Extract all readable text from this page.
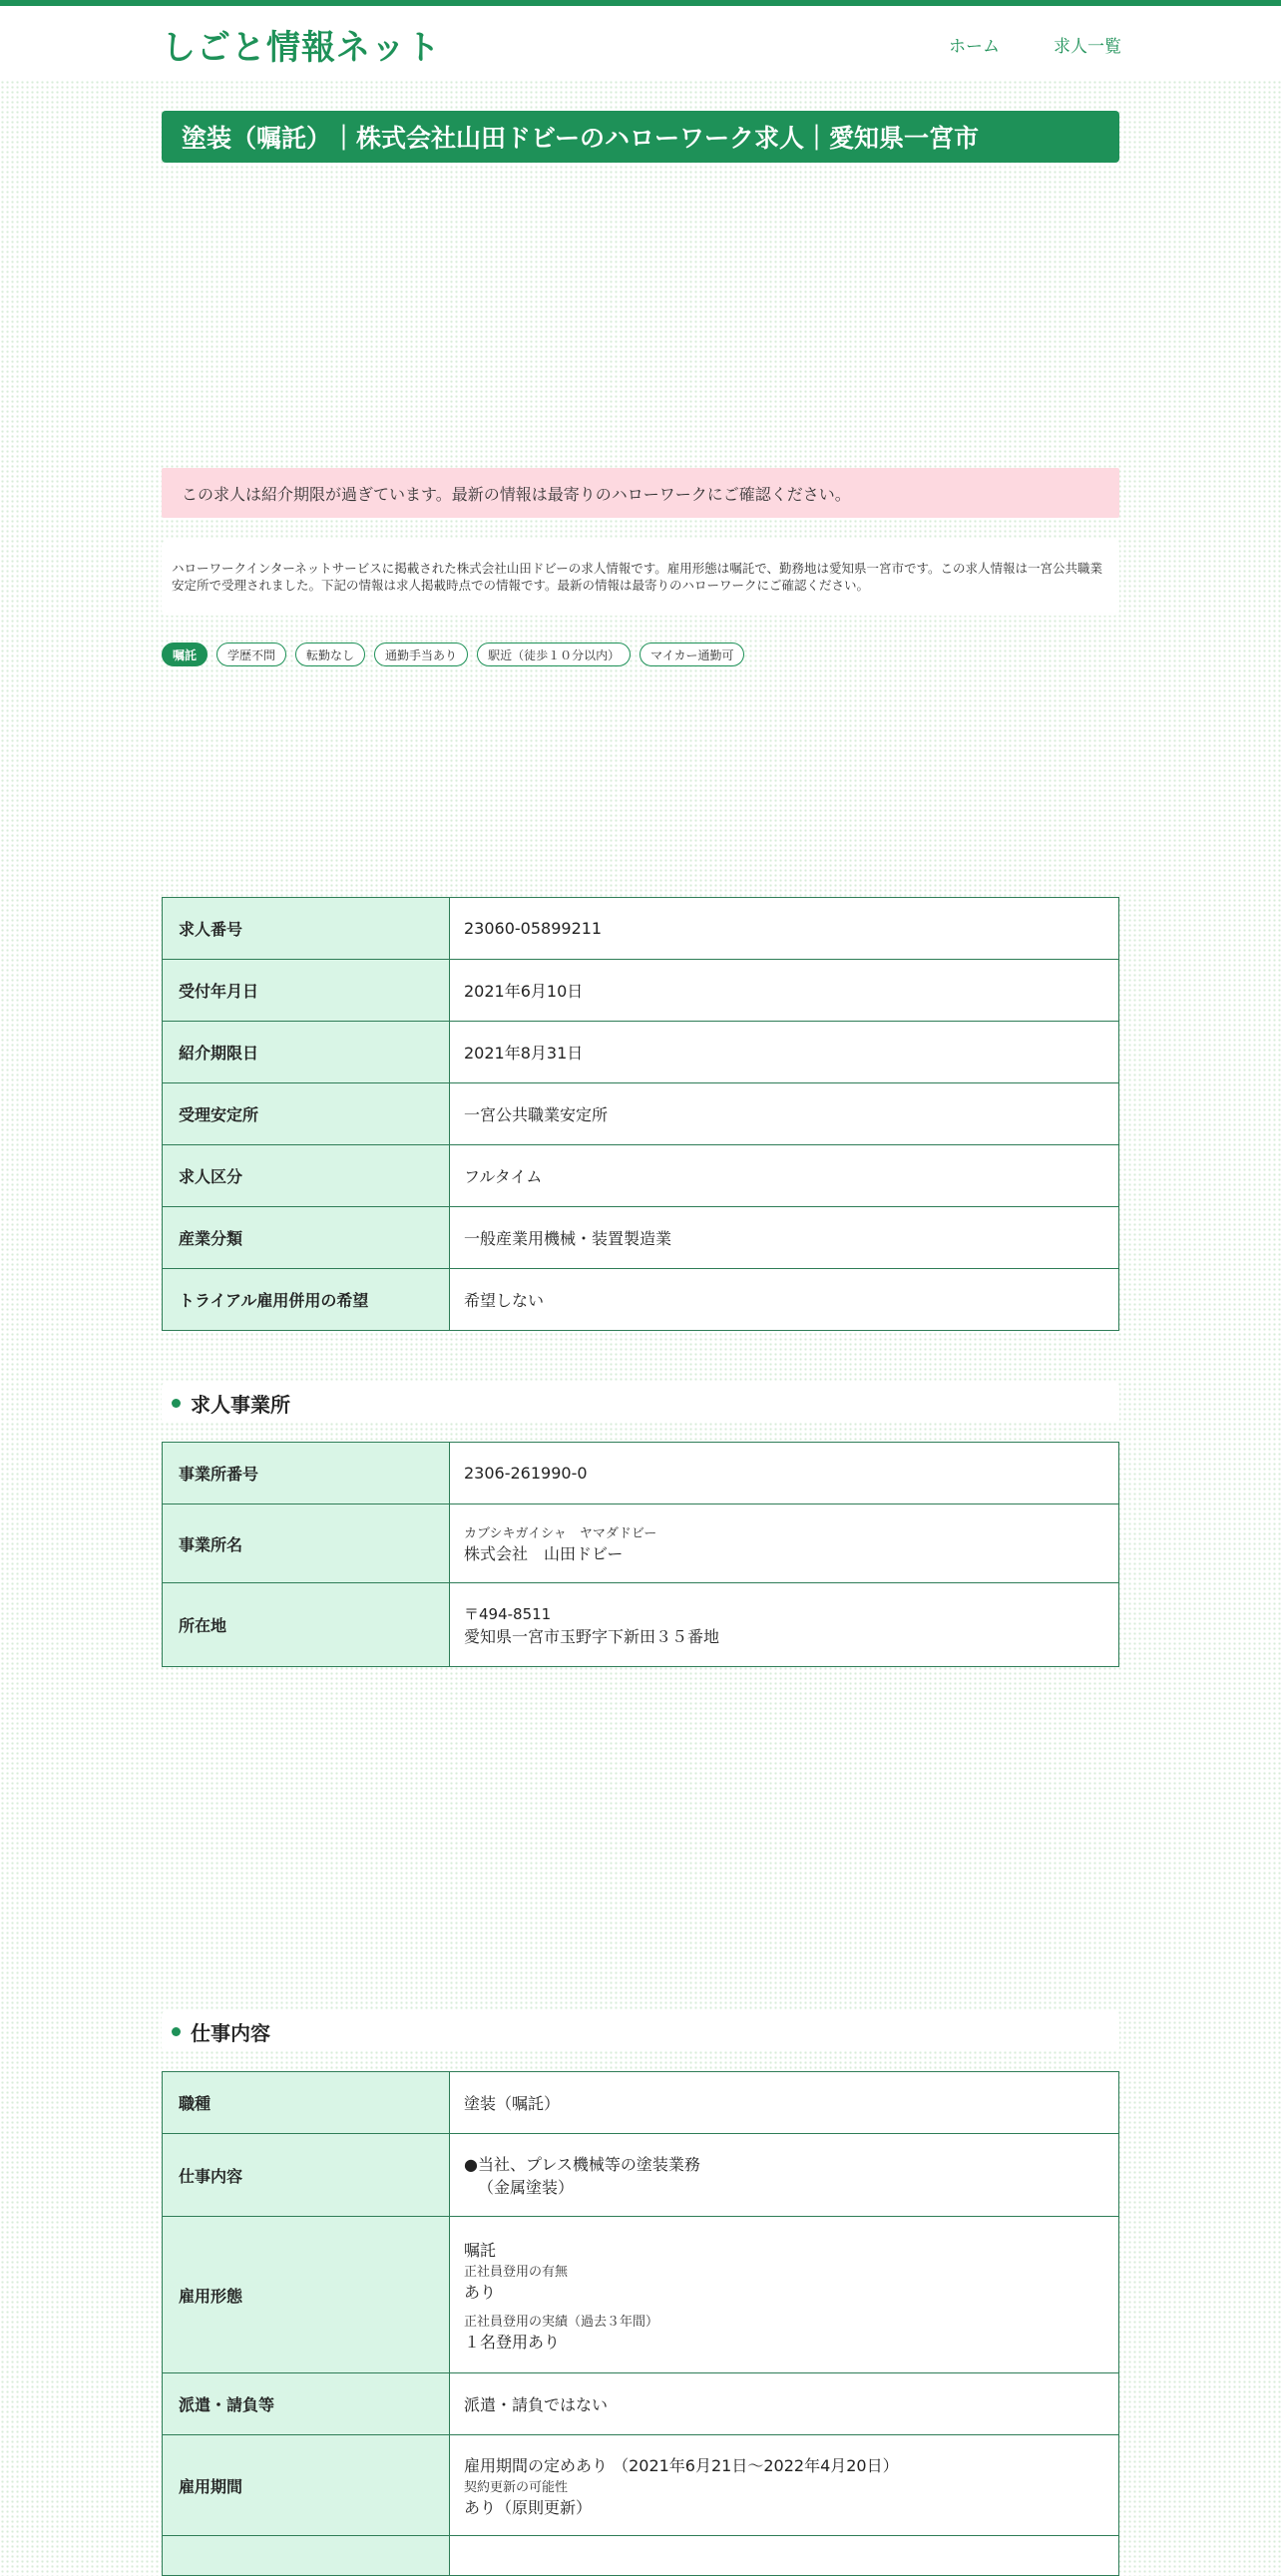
しごと情報ネット	ホーム	求人一覧
塗装（嘱託）｜株式会社山田ドビーのハローワーク求人｜愛知県一宮市
この求人は紹介期限が過ぎています。最新の情報は最寄りのハローワークにご確認ください。
ハローワークインターネットサービスに掲載された株式会社山田ドビーの求人情報です。雇用形態は嘱託で、勤務地は愛知県一宮市です。この求人情報は一宮公共職業安定所で受理されました。下記の情報は求人掲載時点での情報です。最新の情報は最寄りのハローワークにご確認ください。
嘱託	学歴不問	転勤なし	通勤手当あり	駅近（徒歩１０分以内）	マイカー通勤可
求人番号	23060-05899211
受付年月日	2021年6月10日
紹介期限日	2021年8月31日
受理安定所	一宮公共職業安定所
求人区分	フルタイム
産業分類	一般産業用機械・装置製造業
トライアル雇用併用の希望	希望しない
求人事業所
事業所番号	2306-261990-0
事業所名	カブシキガイシャ　ヤマダドビー
株式会社　山田ドビー

所在地	〒494-8511
愛知県一宮市玉野字下新田３５番地
仕事内容
職種	塗装（嘱託）
仕事内容	●当社、プレス機械等の塗装業務
（金属塗装）

雇用形態	嘱託
正社員登用の有無
あり
正社員登用の実績（過去３年間）
１名登用あり

派遣・請負等	派遣・請負ではない
雇用期間	雇用期間の定めあり （2021年6月21日〜2022年4月20日）
契約更新の可能性
あり（原則更新）
